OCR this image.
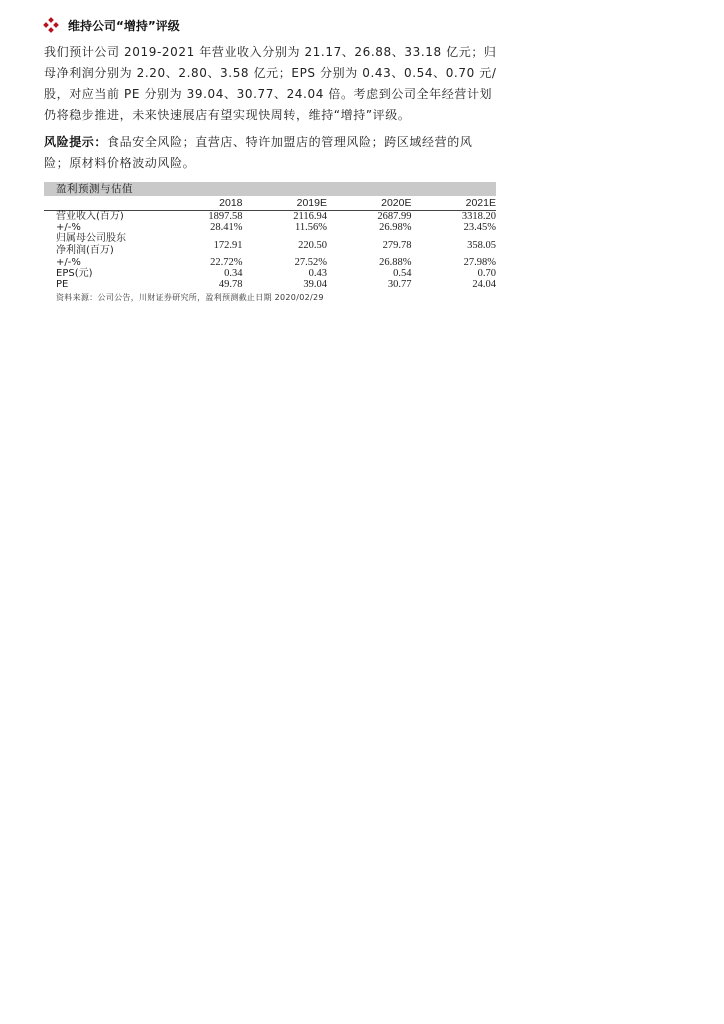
维持公司“增持”评级
我们预计公司 2019-2021 年营业收入分别为 21.17、26.88、33.18 亿元；归
母净利润分别为 2.20、2.80、3.58 亿元；EPS 分别为 0.43、0.54、0.70 元/
股，对应当前 PE 分别为 39.04、30.77、24.04 倍。考虑到公司全年经营计划
仍将稳步推进，未来快速展店有望实现快周转，维持“增持”评级。
风险提示：食品安全风险；直营店、特许加盟店的管理风险；跨区域经营的风
险；原材料价格波动风险。
盈利预测与估值
2018	2019E	2020E	2021E
营业收入(百万)	1897.58	2116.94	2687.99	3318.20
+/-%	28.41%	11.56%	26.98%	23.45%
归属母公司股东
净利润(百万)	172.91	220.50	279.78	358.05
+/-%	22.72%	27.52%	26.88%	27.98%
EPS(元)	0.34	0.43	0.54	0.70
PE	49.78	39.04	30.77	24.04
资料来源：公司公告，川财证券研究所，盈利预测截止日期 2020/02/29
